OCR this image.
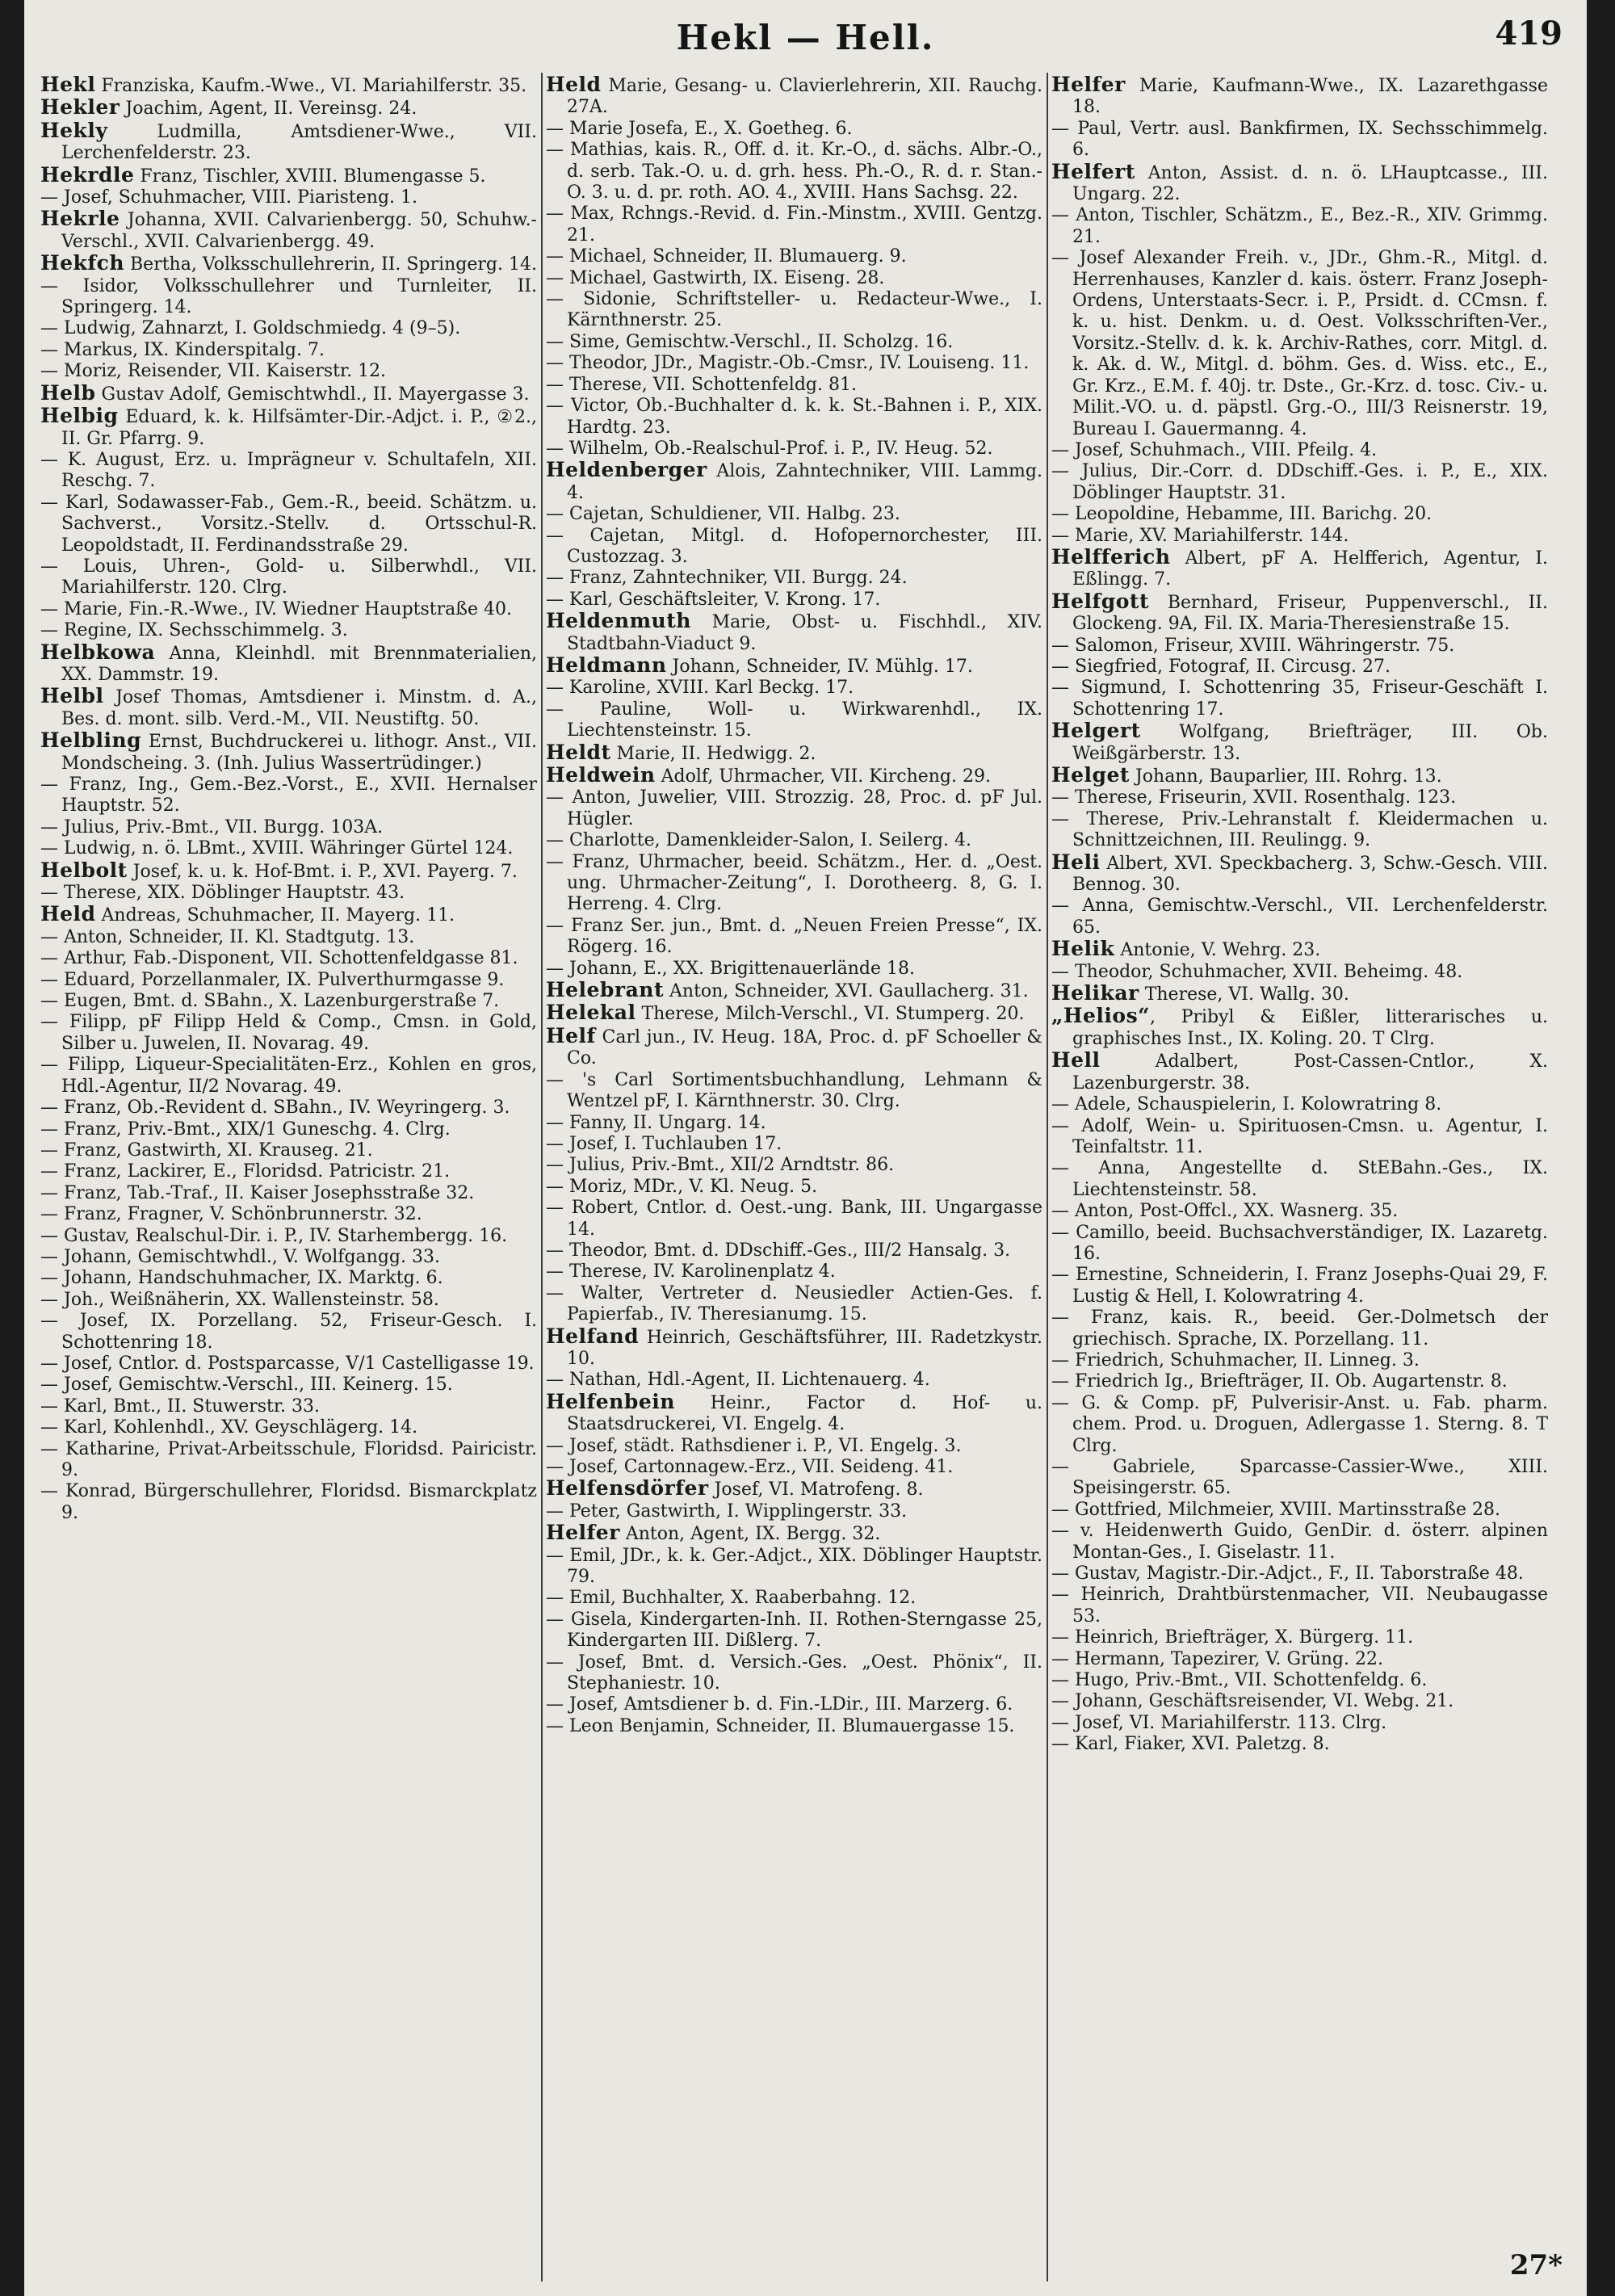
Hekl — Hell.	419

Hekl Franziska, Kaufm.-Wwe., VI. Mariahilferstr. 35.

Hekler Joachim, Agent, II. Vereinsg. 24.

Hekly Ludmilla, Amtsdiener-Wwe., VII. Lerchenfelderstr. 23.

Hekrdle Franz, Tischler, XVIII. Blumengasse 5.

— Josef, Schuhmacher, VIII. Piaristeng. 1.

Hekrle Johanna, XVII. Calvarienbergg. 50, Schuhw.-Verschl., XVII. Calvarienbergg. 49.

Hekfch Bertha, Volksschullehrerin, II. Springerg. 14.

— Isidor, Volksschullehrer und Turnleiter, II. Springerg. 14.

— Ludwig, Zahnarzt, I. Goldschmiedg. 4 (9–5).

— Markus, IX. Kinderspitalg. 7.

— Moriz, Reisender, VII. Kaiserstr. 12.

Helb Gustav Adolf, Gemischtwhdl., II. Mayergasse 3.

Helbig Eduard, k. k. Hilfsämter-Dir.-Adjct. i. P., ②2., II. Gr. Pfarrg. 9.

— K. August, Erz. u. Imprägneur v. Schultafeln, XII. Reschg. 7.

— Karl, Sodawasser-Fab., Gem.-R., beeid. Schätzm. u. Sachverst., Vorsitz.-Stellv. d. Ortsschul-R. Leopoldstadt, II. Ferdinandsstraße 29.

— Louis, Uhren-, Gold- u. Silberwhdl., VII. Mariahilferstr. 120. Clrg.

— Marie, Fin.-R.-Wwe., IV. Wiedner Hauptstraße 40.

— Regine, IX. Sechsschimmelg. 3.

Helbkowa Anna, Kleinhdl. mit Brennmaterialien, XX. Dammstr. 19.

Helbl Josef Thomas, Amtsdiener i. Minstm. d. A., Bes. d. mont. silb. Verd.-M., VII. Neustiftg. 50.

Helbling Ernst, Buchdruckerei u. lithogr. Anst., VII. Mondscheing. 3. (Inh. Julius Wassertrüdinger.)

— Franz, Ing., Gem.-Bez.-Vorst., E., XVII. Hernalser Hauptstr. 52.

— Julius, Priv.-Bmt., VII. Burgg. 103A.

— Ludwig, n. ö. LBmt., XVIII. Währinger Gürtel 124.

Helbolt Josef, k. u. k. Hof-Bmt. i. P., XVI. Payerg. 7.

— Therese, XIX. Döblinger Hauptstr. 43.

Held Andreas, Schuhmacher, II. Mayerg. 11.

— Anton, Schneider, II. Kl. Stadtgutg. 13.

— Arthur, Fab.-Disponent, VII. Schottenfeldgasse 81.

— Eduard, Porzellanmaler, IX. Pulverthurmgasse 9.

— Eugen, Bmt. d. SBahn., X. Lazenburgerstraße 7.

— Filipp, pF Filipp Held & Comp., Cmsn. in Gold, Silber u. Juwelen, II. Novarag. 49.

— Filipp, Liqueur-Specialitäten-Erz., Kohlen en gros, Hdl.-Agentur, II/2 Novarag. 49.

— Franz, Ob.-Revident d. SBahn., IV. Weyringerg. 3.

— Franz, Priv.-Bmt., XIX/1 Guneschg. 4. Clrg.

— Franz, Gastwirth, XI. Krauseg. 21.

— Franz, Lackirer, E., Floridsd. Patricistr. 21.

— Franz, Tab.-Traf., II. Kaiser Josephsstraße 32.

— Franz, Fragner, V. Schönbrunnerstr. 32.

— Gustav, Realschul-Dir. i. P., IV. Starhembergg. 16.

— Johann, Gemischtwhdl., V. Wolfgangg. 33.

— Johann, Handschuhmacher, IX. Marktg. 6.

— Joh., Weißnäherin, XX. Wallensteinstr. 58.

— Josef, IX. Porzellang. 52, Friseur-Gesch. I. Schottenring 18.

— Josef, Cntlor. d. Postsparcasse, V/1 Castelligasse 19.

— Josef, Gemischtw.-Verschl., III. Keinerg. 15.

— Karl, Bmt., II. Stuwerstr. 33.

— Karl, Kohlenhdl., XV. Geyschlägerg. 14.

— Katharine, Privat-Arbeitsschule, Floridsd. Pairicistr. 9.

— Konrad, Bürgerschullehrer, Floridsd. Bismarckplatz 9.

Held Marie, Gesang- u. Clavierlehrerin, XII. Rauchg. 27A.

— Marie Josefa, E., X. Goetheg. 6.

— Mathias, kais. R., Off. d. it. Kr.-O., d. sächs. Albr.-O., d. serb. Tak.-O. u. d. grh. hess. Ph.-O., R. d. r. Stan.-O. 3. u. d. pr. roth. AO. 4., XVIII. Hans Sachsg. 22.

— Max, Rchngs.-Revid. d. Fin.-Minstm., XVIII. Gentzg. 21.

— Michael, Schneider, II. Blumauerg. 9.

— Michael, Gastwirth, IX. Eiseng. 28.

— Sidonie, Schriftsteller- u. Redacteur-Wwe., I. Kärnthnerstr. 25.

— Sime, Gemischtw.-Verschl., II. Scholzg. 16.

— Theodor, JDr., Magistr.-Ob.-Cmsr., IV. Louiseng. 11.

— Therese, VII. Schottenfeldg. 81.

— Victor, Ob.-Buchhalter d. k. k. St.-Bahnen i. P., XIX. Hardtg. 23.

— Wilhelm, Ob.-Realschul-Prof. i. P., IV. Heug. 52.

Heldenberger Alois, Zahntechniker, VIII. Lammg. 4.

— Cajetan, Schuldiener, VII. Halbg. 23.

— Cajetan, Mitgl. d. Hofopernorchester, III. Custozzag. 3.

— Franz, Zahntechniker, VII. Burgg. 24.

— Karl, Geschäftsleiter, V. Krong. 17.

Heldenmuth Marie, Obst- u. Fischhdl., XIV. Stadtbahn-Viaduct 9.

Heldmann Johann, Schneider, IV. Mühlg. 17.

— Karoline, XVIII. Karl Beckg. 17.

— Pauline, Woll- u. Wirkwarenhdl., IX. Liechtensteinstr. 15.

Heldt Marie, II. Hedwigg. 2.

Heldwein Adolf, Uhrmacher, VII. Kircheng. 29.

— Anton, Juwelier, VIII. Strozzig. 28, Proc. d. pF Jul. Hügler.

— Charlotte, Damenkleider-Salon, I. Seilerg. 4.

— Franz, Uhrmacher, beeid. Schätzm., Her. d. „Oest. ung. Uhrmacher-Zeitung“, I. Dorotheerg. 8, G. I. Herreng. 4. Clrg.

— Franz Ser. jun., Bmt. d. „Neuen Freien Presse“, IX. Rögerg. 16.

— Johann, E., XX. Brigittenauerlände 18.

Helebrant Anton, Schneider, XVI. Gaullacherg. 31.

Helekal Therese, Milch-Verschl., VI. Stumperg. 20.

Helf Carl jun., IV. Heug. 18A, Proc. d. pF Schoeller & Co.

— 's Carl Sortimentsbuchhandlung, Lehmann & Wentzel pF, I. Kärnthnerstr. 30. Clrg.

— Fanny, II. Ungarg. 14.

— Josef, I. Tuchlauben 17.

— Julius, Priv.-Bmt., XII/2 Arndtstr. 86.

— Moriz, MDr., V. Kl. Neug. 5.

— Robert, Cntlor. d. Oest.-ung. Bank, III. Ungargasse 14.

— Theodor, Bmt. d. DDschiff.-Ges., III/2 Hansalg. 3.

— Therese, IV. Karolinenplatz 4.

— Walter, Vertreter d. Neusiedler Actien-Ges. f. Papierfab., IV. Theresianumg. 15.

Helfand Heinrich, Geschäftsführer, III. Radetzkystr. 10.

— Nathan, Hdl.-Agent, II. Lichtenauerg. 4.

Helfenbein Heinr., Factor d. Hof- u. Staatsdruckerei, VI. Engelg. 4.

— Josef, städt. Rathsdiener i. P., VI. Engelg. 3.

— Josef, Cartonnagew.-Erz., VII. Seideng. 41.

Helfensdörfer Josef, VI. Matrofeng. 8.

— Peter, Gastwirth, I. Wipplingerstr. 33.

Helfer Anton, Agent, IX. Bergg. 32.

— Emil, JDr., k. k. Ger.-Adjct., XIX. Döblinger Hauptstr. 79.

— Emil, Buchhalter, X. Raaberbahng. 12.

— Gisela, Kindergarten-Inh. II. Rothen-Sterngasse 25, Kindergarten III. Dißlerg. 7.

— Josef, Bmt. d. Versich.-Ges. „Oest. Phönix“, II. Stephaniestr. 10.

— Josef, Amtsdiener b. d. Fin.-LDir., III. Marzerg. 6.

— Leon Benjamin, Schneider, II. Blumauergasse 15.

Helfer Marie, Kaufmann-Wwe., IX. Lazarethgasse 18.

— Paul, Vertr. ausl. Bankfirmen, IX. Sechsschimmelg. 6.

Helfert Anton, Assist. d. n. ö. LHauptcasse., III. Ungarg. 22.

— Anton, Tischler, Schätzm., E., Bez.-R., XIV. Grimmg. 21.

— Josef Alexander Freih. v., JDr., Ghm.-R., Mitgl. d. Herrenhauses, Kanzler d. kais. österr. Franz Joseph-Ordens, Unterstaats-Secr. i. P., Prsidt. d. CCmsn. f. k. u. hist. Denkm. u. d. Oest. Volksschriften-Ver., Vorsitz.-Stellv. d. k. k. Archiv-Rathes, corr. Mitgl. d. k. Ak. d. W., Mitgl. d. böhm. Ges. d. Wiss. etc., E., Gr. Krz., E.M. f. 40j. tr. Dste., Gr.-Krz. d. tosc. Civ.- u. Milit.-VO. u. d. päpstl. Grg.-O., III/3 Reisnerstr. 19, Bureau I. Gauermanng. 4.

— Josef, Schuhmach., VIII. Pfeilg. 4.

— Julius, Dir.-Corr. d. DDschiff.-Ges. i. P., E., XIX. Döblinger Hauptstr. 31.

— Leopoldine, Hebamme, III. Barichg. 20.

— Marie, XV. Mariahilferstr. 144.

Helfferich Albert, pF A. Helfferich, Agentur, I. Eßlingg. 7.

Helfgott Bernhard, Friseur, Puppenverschl., II. Glockeng. 9A, Fil. IX. Maria-Theresienstraße 15.

— Salomon, Friseur, XVIII. Währingerstr. 75.

— Siegfried, Fotograf, II. Circusg. 27.

— Sigmund, I. Schottenring 35, Friseur-Geschäft I. Schottenring 17.

Helgert Wolfgang, Briefträger, III. Ob. Weißgärberstr. 13.

Helget Johann, Bauparlier, III. Rohrg. 13.

— Therese, Friseurin, XVII. Rosenthalg. 123.

— Therese, Priv.-Lehranstalt f. Kleidermachen u. Schnittzeichnen, III. Reulingg. 9.

Heli Albert, XVI. Speckbacherg. 3, Schw.-Gesch. VIII. Bennog. 30.

— Anna, Gemischtw.-Verschl., VII. Lerchenfelderstr. 65.

Helik Antonie, V. Wehrg. 23.

— Theodor, Schuhmacher, XVII. Beheimg. 48.

Helikar Therese, VI. Wallg. 30.

„Helios“, Pribyl & Eißler, litterarisches u. graphisches Inst., IX. Koling. 20. T Clrg.

Hell Adalbert, Post-Cassen-Cntlor., X. Lazenburgerstr. 38.

— Adele, Schauspielerin, I. Kolowratring 8.

— Adolf, Wein- u. Spirituosen-Cmsn. u. Agentur, I. Teinfaltstr. 11.

— Anna, Angestellte d. StEBahn.-Ges., IX. Liechtensteinstr. 58.

— Anton, Post-Offcl., XX. Wasnerg. 35.

— Camillo, beeid. Buchsachverständiger, IX. Lazaretg. 16.

— Ernestine, Schneiderin, I. Franz Josephs-Quai 29, F. Lustig & Hell, I. Kolowratring 4.

— Franz, kais. R., beeid. Ger.-Dolmetsch der griechisch. Sprache, IX. Porzellang. 11.

— Friedrich, Schuhmacher, II. Linneg. 3.

— Friedrich Ig., Briefträger, II. Ob. Augartenstr. 8.

— G. & Comp. pF, Pulverisir-Anst. u. Fab. pharm. chem. Prod. u. Droguen, Adlergasse 1. Sterng. 8. T Clrg.

— Gabriele, Sparcasse-Cassier-Wwe., XIII. Speisingerstr. 65.

— Gottfried, Milchmeier, XVIII. Martinsstraße 28.

— v. Heidenwerth Guido, GenDir. d. österr. alpinen Montan-Ges., I. Giselastr. 11.

— Gustav, Magistr.-Dir.-Adjct., F., II. Taborstraße 48.

— Heinrich, Drahtbürstenmacher, VII. Neubaugasse 53.

— Heinrich, Briefträger, X. Bürgerg. 11.

— Hermann, Tapezirer, V. Grüng. 22.

— Hugo, Priv.-Bmt., VII. Schottenfeldg. 6.

— Johann, Geschäftsreisender, VI. Webg. 21.

— Josef, VI. Mariahilferstr. 113. Clrg.

— Karl, Fiaker, XVI. Paletzg. 8.

27*
